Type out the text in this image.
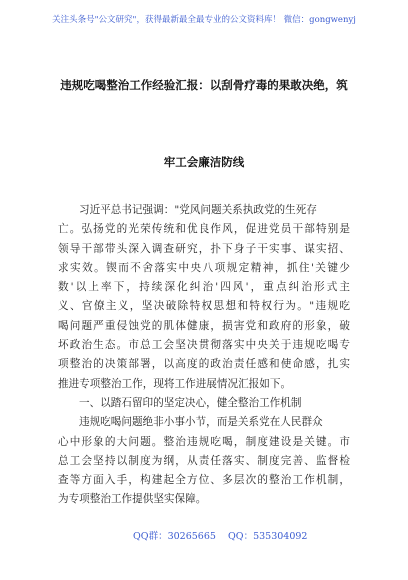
关注头条号"公文研究"，获得最新最全最专业的公文资料库！ 微信：gongwenyj
违规吃喝整治工作经验汇报：以刮骨疗毒的果敢决绝，筑
牢工会廉洁防线
习近平总书记强调："党风问题关系执政党的生死存
亡。弘扬党的光荣传统和优良作风，促进党员干部特别是
领导干部带头深入调查研究，扑下身子干实事、谋实招、
求实效。锲而不舍落实中央八项规定精神，抓住'关键少
数'以上率下，持续深化纠治'四风'，重点纠治形式主
义、官僚主义，坚决破除特权思想和特权行为。"违规吃
喝问题严重侵蚀党的肌体健康，损害党和政府的形象，破
坏政治生态。市总工会坚决贯彻落实中央关于违规吃喝专
项整治的决策部署，以高度的政治责任感和使命感，扎实
推进专项整治工作，现将工作进展情况汇报如下。
一、以踏石留印的坚定决心，健全整治工作机制
违规吃喝问题绝非小事小节，而是关系党在人民群众
心中形象的大问题。整治违规吃喝，制度建设是关键。市
总工会坚持以制度为纲，从责任落实、制度完善、监督检
查等方面入手，构建起全方位、多层次的整治工作机制，
为专项整治工作提供坚实保障。
QQ群：30265665 QQ：535304092
